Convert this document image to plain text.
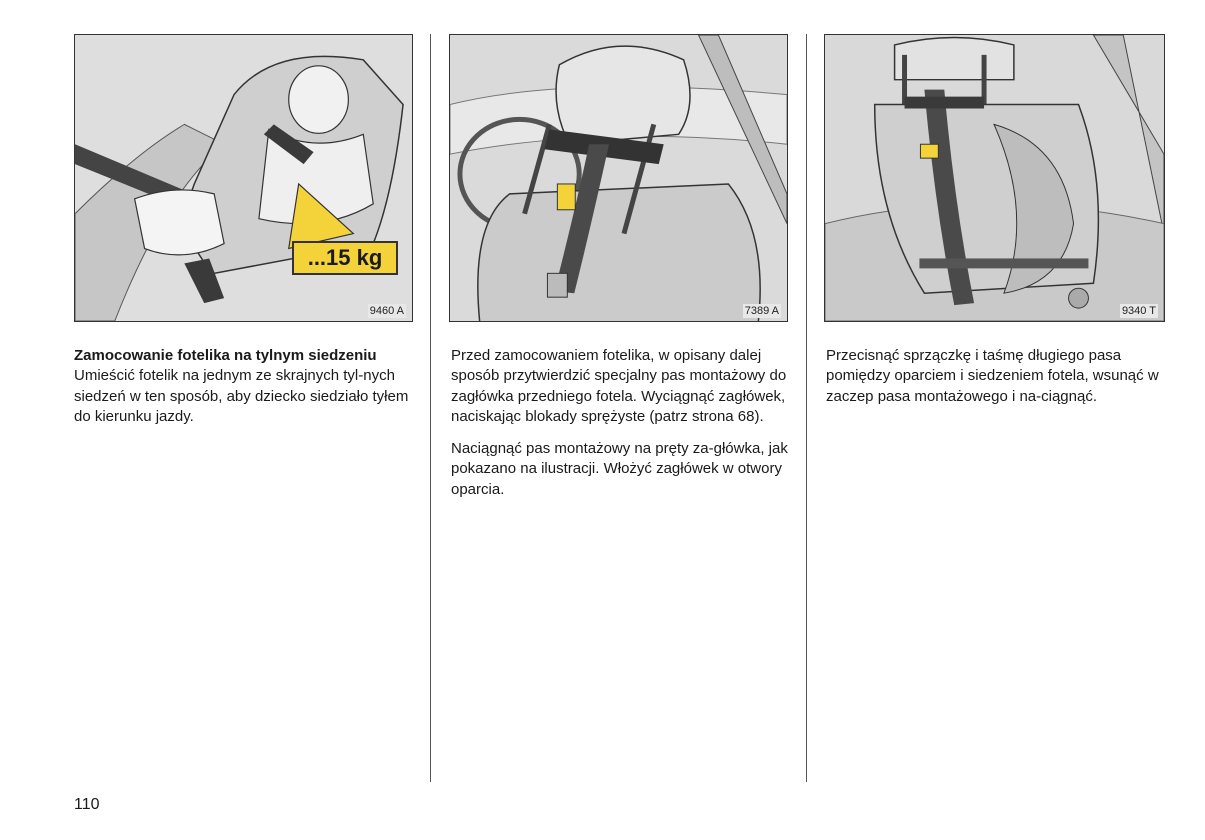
...15 kg
9460 A	7389 A	9340 T
Zamocowanie fotelika na tylnym siedzeniu

Umieścić fotelik na jednym ze skrajnych tyl-nych siedzeń w ten sposób, aby dziecko siedziało tyłem do kierunku jazdy.

Przed zamocowaniem fotelika, w opisany dalej sposób przytwierdzić specjalny pas montażowy do zagłówka przedniego fotela. Wyciągnąć zagłówek, naciskając blokady sprężyste (patrz strona 68).

Naciągnąć pas montażowy na pręty za-główka, jak pokazano na ilustracji. Włożyć zagłówek w otwory oparcia.

Przecisnąć sprzączkę i taśmę długiego pasa pomiędzy oparciem i siedzeniem fotela, wsunąć w zaczep pasa montażowego i na-ciągnąć.

110
